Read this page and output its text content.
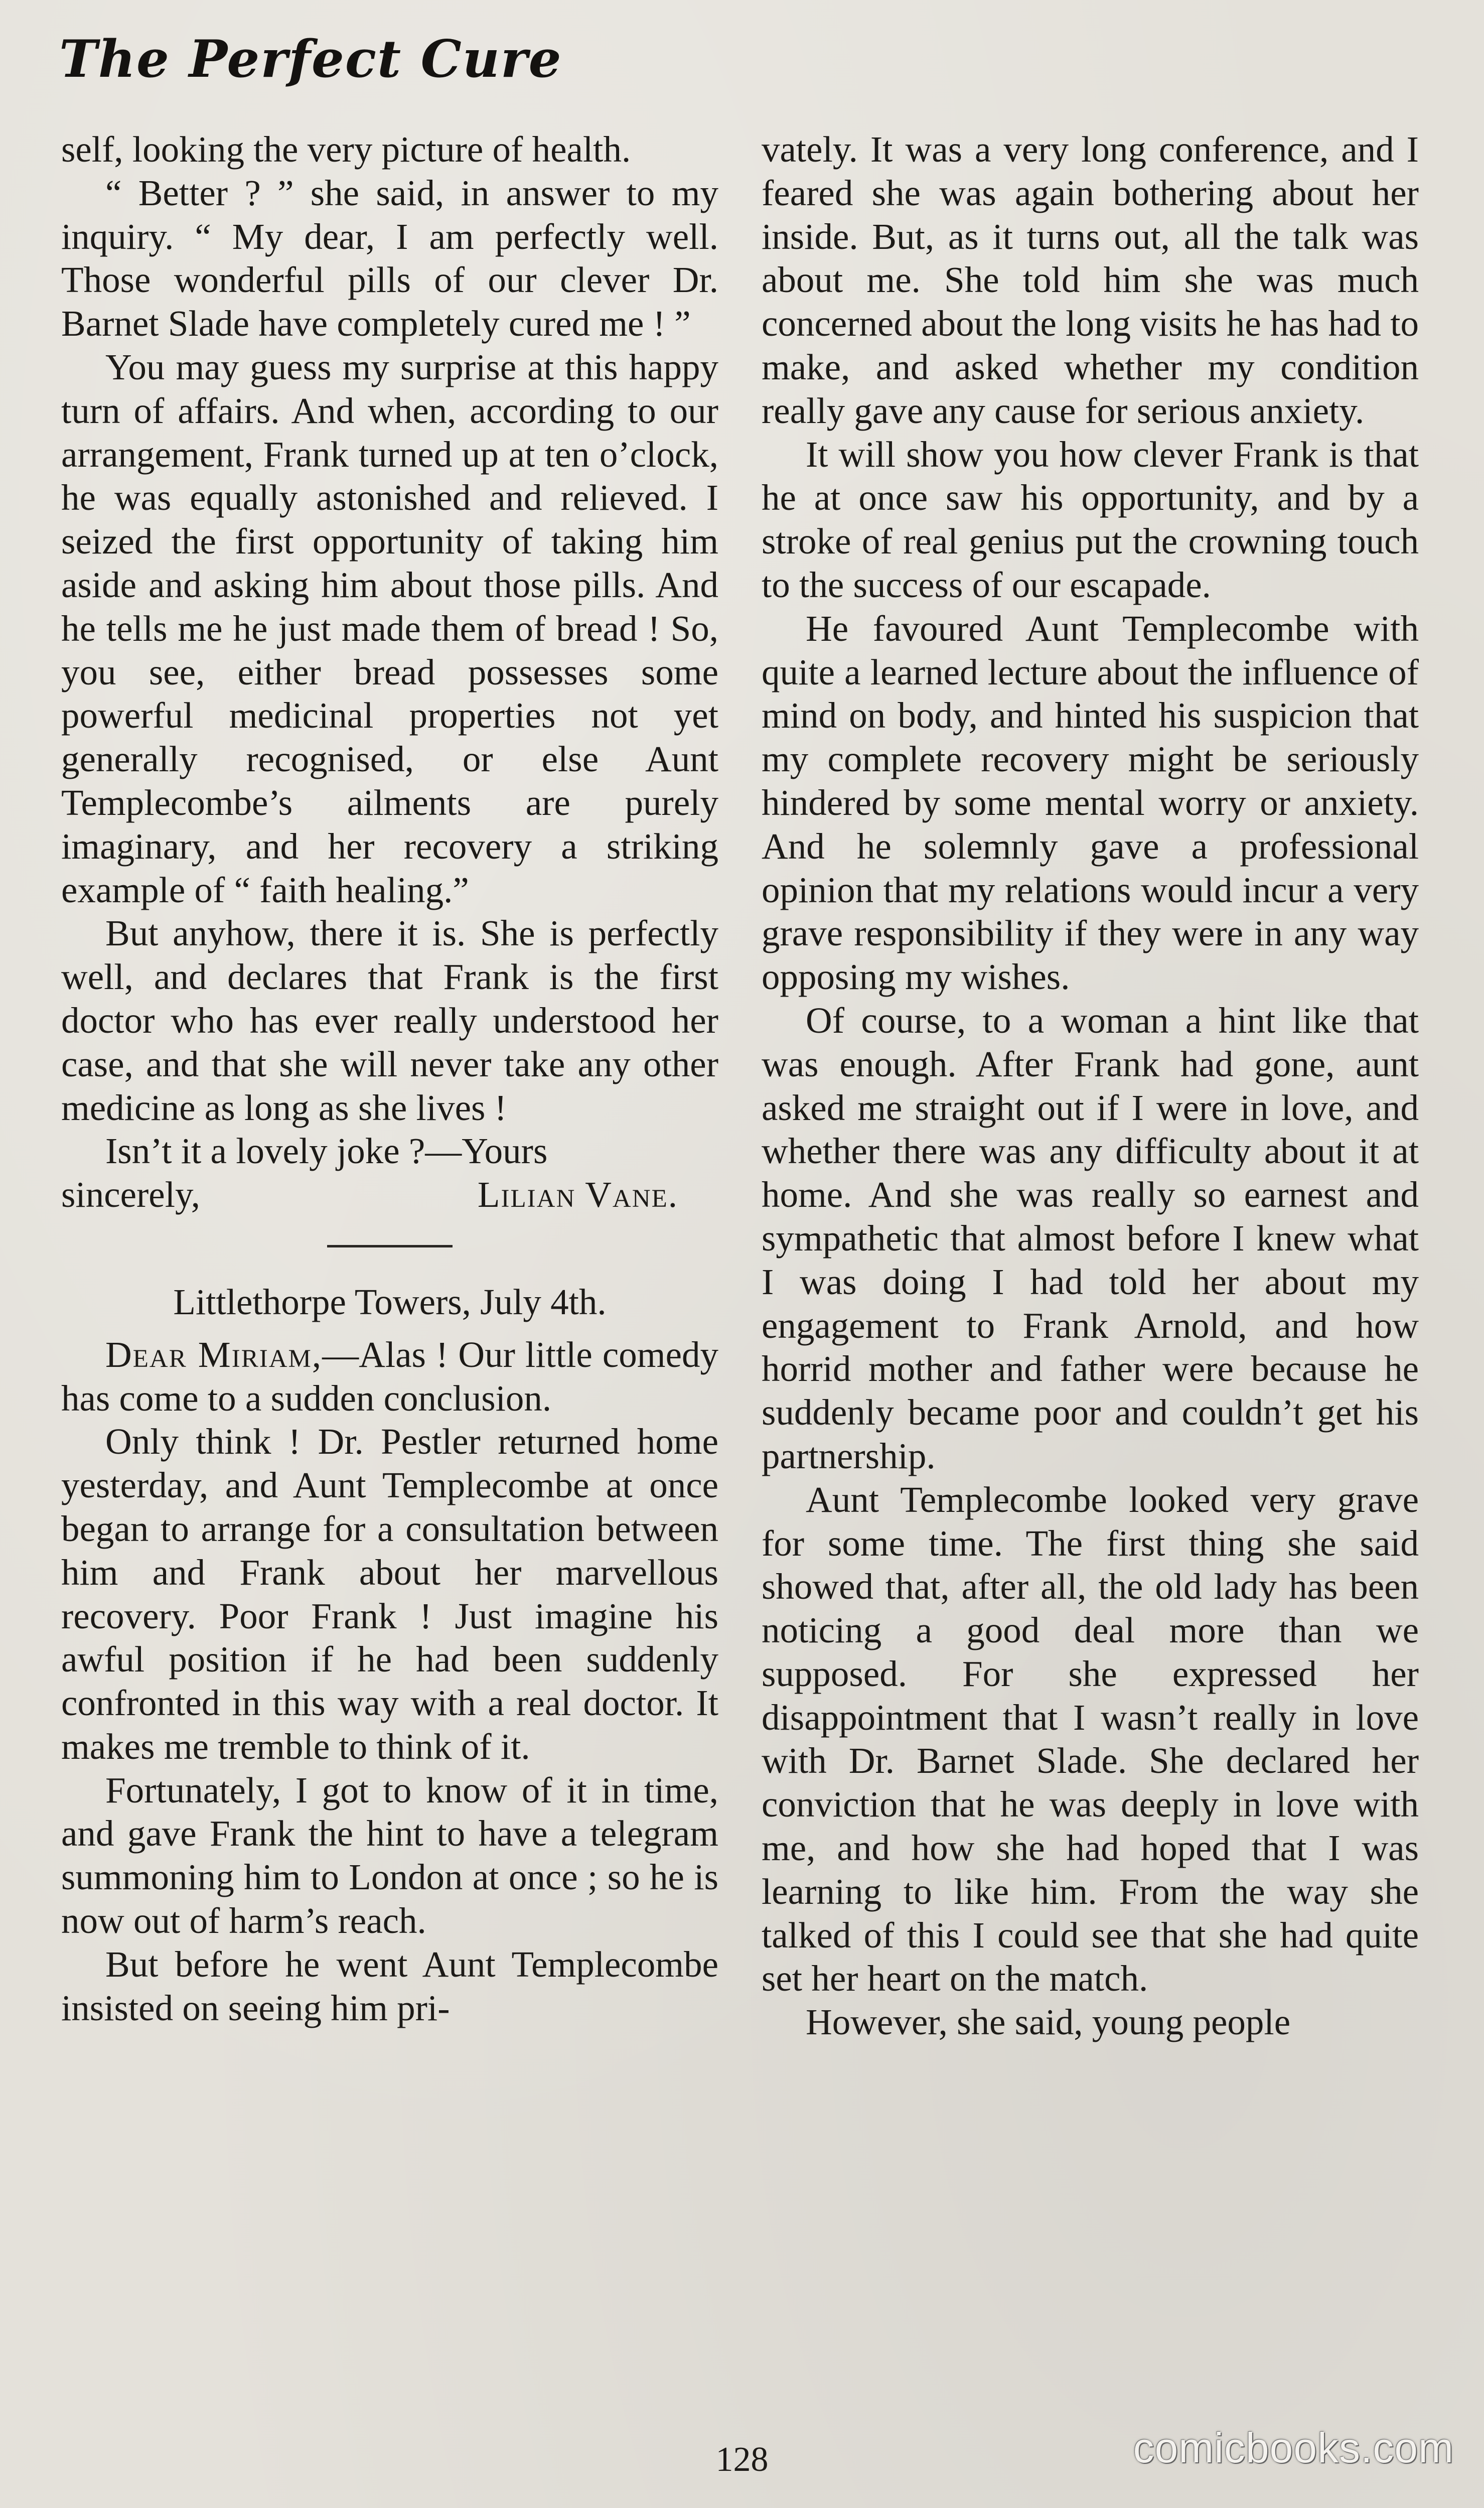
The Perfect Cure

self, looking the very picture of health.

“ Better ? ” she said, in answer to my inquiry. “ My dear, I am perfectly well. Those wonderful pills of our clever Dr. Barnet Slade have completely cured me ! ”

You may guess my surprise at this happy turn of affairs. And when, according to our arrangement, Frank turned up at ten o’clock, he was equally astonished and relieved. I seized the first opportunity of taking him aside and asking him about those pills. And he tells me he just made them of bread ! So, you see, either bread possesses some powerful medicinal properties not yet generally recognised, or else Aunt Templecombe’s ailments are purely imaginary, and her recovery a striking example of “ faith healing.”

But anyhow, there it is. She is perfectly well, and declares that Frank is the first doctor who has ever really understood her case, and that she will never take any other medicine as long as she lives !

Isn’t it a lovely joke ?—Yours

sincerely,	Lilian Vane.

Littlethorpe Towers, July 4th.

Dear Miriam,—Alas ! Our little comedy has come to a sudden conclusion.

Only think ! Dr. Pestler returned home yesterday, and Aunt Templecombe at once began to arrange for a consultation between him and Frank about her marvellous recovery. Poor Frank ! Just imagine his awful position if he had been suddenly confronted in this way with a real doctor. It makes me tremble to think of it.

Fortunately, I got to know of it in time, and gave Frank the hint to have a telegram summoning him to London at once ; so he is now out of harm’s reach.

But before he went Aunt Templecombe insisted on seeing him pri-

vately. It was a very long conference, and I feared she was again bothering about her inside. But, as it turns out, all the talk was about me. She told him she was much concerned about the long visits he has had to make, and asked whether my condition really gave any cause for serious anxiety.

It will show you how clever Frank is that he at once saw his opportunity, and by a stroke of real genius put the crowning touch to the success of our escapade.

He favoured Aunt Templecombe with quite a learned lecture about the influence of mind on body, and hinted his suspicion that my complete recovery might be seriously hindered by some mental worry or anxiety. And he solemnly gave a professional opinion that my relations would incur a very grave responsibility if they were in any way opposing my wishes.

Of course, to a woman a hint like that was enough. After Frank had gone, aunt asked me straight out if I were in love, and whether there was any difficulty about it at home. And she was really so earnest and sympathetic that almost before I knew what I was doing I had told her about my engagement to Frank Arnold, and how horrid mother and father were because he suddenly became poor and couldn’t get his partnership.

Aunt Templecombe looked very grave for some time. The first thing she said showed that, after all, the old lady has been noticing a good deal more than we supposed. For she expressed her disappointment that I wasn’t really in love with Dr. Barnet Slade. She declared her conviction that he was deeply in love with me, and how she had hoped that I was learning to like him. From the way she talked of this I could see that she had quite set her heart on the match.

However, she said, young people

128	comicbooks.com
